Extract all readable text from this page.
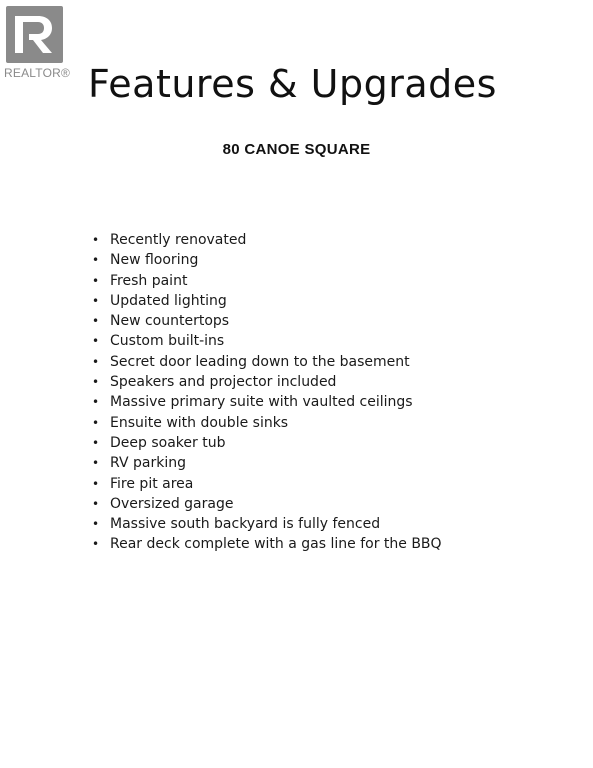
REALTOR® Features & Upgrades
80 CANOE SQUARE
• Recently renovated
• New flooring
• Fresh paint
• Updated lighting
• New countertops
• Custom built-ins
• Secret door leading down to the basement
• Speakers and projector included
• Massive primary suite with vaulted ceilings
• Ensuite with double sinks
• Deep soaker tub
• RV parking
• Fire pit area
• Oversized garage
• Massive south backyard is fully fenced
• Rear deck complete with a gas line for the BBQ
